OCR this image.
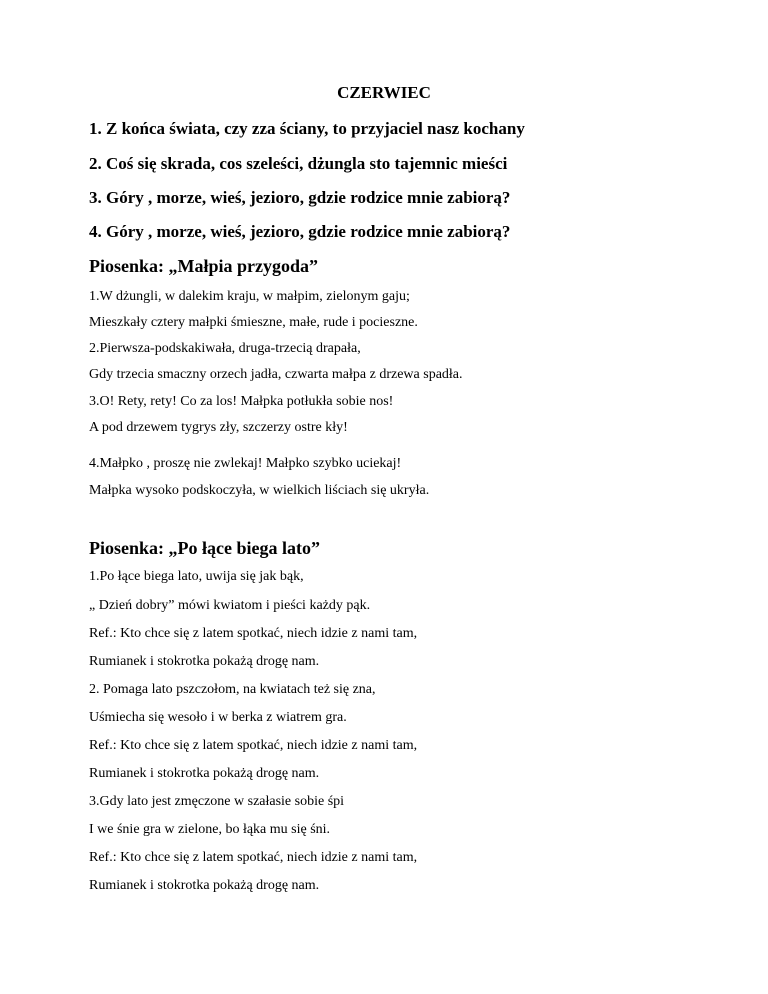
CZERWIEC

1. Z końca świata, czy zza ściany, to przyjaciel nasz kochany

2. Coś się skrada, cos szeleści, dżungla sto tajemnic mieści

3. Góry , morze, wieś, jezioro, gdzie rodzice mnie zabiorą?

4. Góry , morze, wieś, jezioro, gdzie rodzice mnie zabiorą?

Piosenka: „Małpia przygoda”

1.W dżungli, w dalekim kraju, w małpim, zielonym gaju;

Mieszkały cztery małpki śmieszne, małe, rude i pocieszne.

2.Pierwsza-podskakiwała, druga-trzecią drapała,

Gdy trzecia smaczny orzech jadła, czwarta małpa z drzewa spadła.

3.O! Rety, rety! Co za los! Małpka potłukła sobie nos!

A pod drzewem tygrys zły, szczerzy ostre kły!

4.Małpko , proszę nie zwlekaj! Małpko szybko uciekaj!

Małpka wysoko podskoczyła, w wielkich liściach się ukryła.

Piosenka: „Po łące biega lato”

1.Po łące biega lato, uwija się jak bąk,

„ Dzień dobry” mówi kwiatom i pieści każdy pąk.

Ref.: Kto chce się z latem spotkać, niech idzie z nami tam,

Rumianek i stokrotka pokażą drogę nam.

2. Pomaga lato pszczołom, na kwiatach też się zna,

Uśmiecha się wesoło i w berka z wiatrem gra.

Ref.: Kto chce się z latem spotkać, niech idzie z nami tam,

Rumianek i stokrotka pokażą drogę nam.

3.Gdy lato jest zmęczone w szałasie sobie śpi

I we śnie gra w zielone, bo łąka mu się śni.

Ref.: Kto chce się z latem spotkać, niech idzie z nami tam,

Rumianek i stokrotka pokażą drogę nam.
